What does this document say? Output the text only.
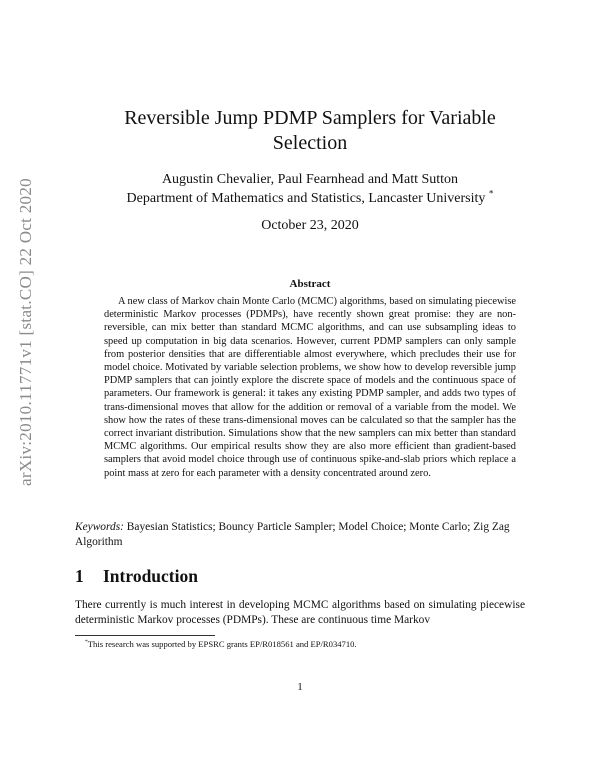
arXiv:2010.11771v1 [stat.CO] 22 Oct 2020
Reversible Jump PDMP Samplers for Variable
Selection
Augustin Chevalier, Paul Fearnhead and Matt Sutton
Department of Mathematics and Statistics, Lancaster University *
October 23, 2020
Abstract

A new class of Markov chain Monte Carlo (MCMC) algorithms, based on simulating piecewise deterministic Markov processes (PDMPs), have recently shown great promise: they are non-reversible, can mix better than standard MCMC algorithms, and can use subsampling ideas to speed up computation in big data scenarios. However, current PDMP samplers can only sample from posterior densities that are differentiable almost everywhere, which precludes their use for model choice. Motivated by variable selection problems, we show how to develop reversible jump PDMP samplers that can jointly explore the discrete space of models and the continuous space of parameters. Our framework is general: it takes any existing PDMP sampler, and adds two types of trans-dimensional moves that allow for the addition or removal of a variable from the model. We show how the rates of these trans-dimensional moves can be calculated so that the sampler has the correct invariant distribution. Simulations show that the new samplers can mix better than standard MCMC algorithms. Our empirical results show they are also more efficient than gradient-based samplers that avoid model choice through use of continuous spike-and-slab priors which replace a point mass at zero for each parameter with a density concentrated around zero.

Keywords: Bayesian Statistics; Bouncy Particle Sampler; Model Choice; Monte Carlo; Zig Zag Algorithm

1 Introduction

There currently is much interest in developing MCMC algorithms based on simulating piecewise deterministic Markov processes (PDMPs). These are continuous time Markov

*This research was supported by EPSRC grants EP/R018561 and EP/R034710.
1
